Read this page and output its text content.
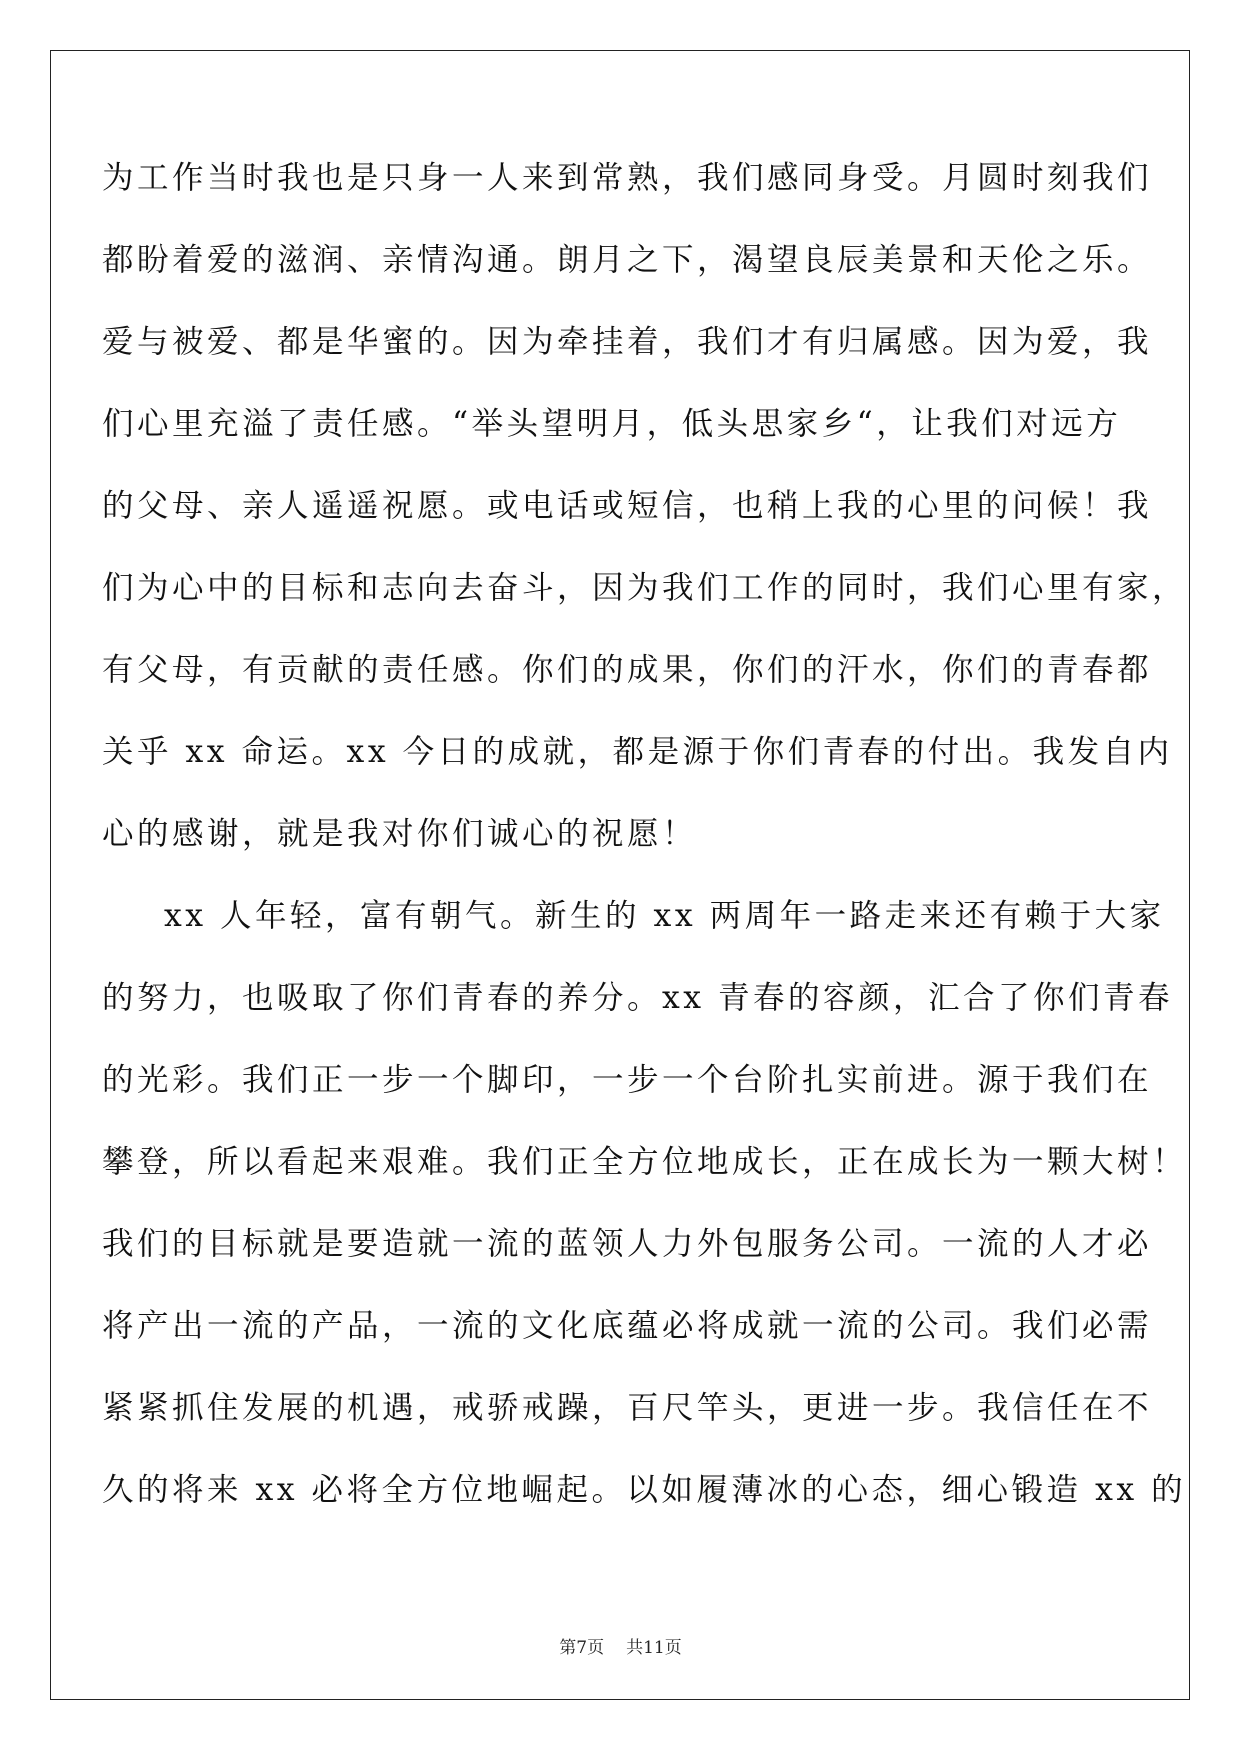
为工作当时我也是只身一人来到常熟，我们感同身受。月圆时刻我们
都盼着爱的滋润、亲情沟通。朗月之下，渴望良辰美景和天伦之乐。
爱与被爱、都是华蜜的。因为牵挂着，我们才有归属感。因为爱，我
们心里充溢了责任感。“举头望明月，低头思家乡“，让我们对远方
的父母、亲人遥遥祝愿。或电话或短信，也稍上我的心里的问候！我
们为心中的目标和志向去奋斗，因为我们工作的同时，我们心里有家，
有父母，有贡献的责任感。你们的成果，你们的汗水，你们的青春都
关乎 xx 命运。xx 今日的成就，都是源于你们青春的付出。我发自内
心的感谢，就是我对你们诚心的祝愿！
xx 人年轻，富有朝气。新生的 xx 两周年一路走来还有赖于大家
的努力，也吸取了你们青春的养分。xx 青春的容颜，汇合了你们青春
的光彩。我们正一步一个脚印，一步一个台阶扎实前进。源于我们在
攀登，所以看起来艰难。我们正全方位地成长，正在成长为一颗大树！
我们的目标就是要造就一流的蓝领人力外包服务公司。一流的人才必
将产出一流的产品，一流的文化底蕴必将成就一流的公司。我们必需
紧紧抓住发展的机遇，戒骄戒躁，百尺竿头，更进一步。我信任在不
久的将来 xx 必将全方位地崛起。以如履薄冰的心态，细心锻造 xx 的
第7页 共11页
